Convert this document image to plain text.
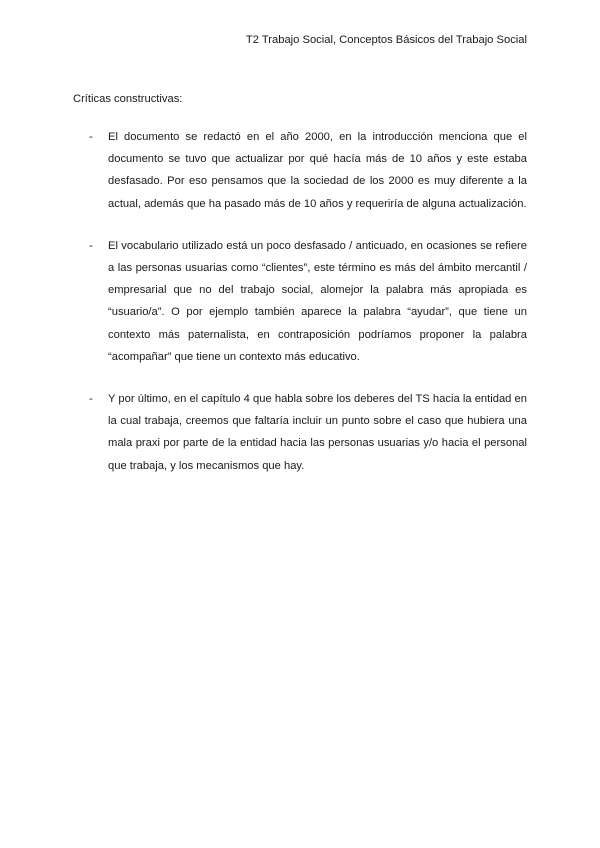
T2 Trabajo Social, Conceptos Básicos del Trabajo Social
Críticas constructivas:
- El documento se redactó en el año 2000, en la introducción menciona que el documento se tuvo que actualizar por qué hacía más de 10 años y este estaba desfasado. Por eso pensamos que la sociedad de los 2000 es muy diferente a la actual, además que ha pasado más de 10 años y requeriría de alguna actualización.
- El vocabulario utilizado está un poco desfasado / anticuado, en ocasiones se refiere a las personas usuarias como “clientes”, este término es más del ámbito mercantil / empresarial que no del trabajo social, alomejor la palabra más apropiada es “usuario/a”. O por ejemplo también aparece la palabra “ayudar”, que tiene un contexto más paternalista, en contraposición podríamos proponer la palabra “acompañar” que tiene un contexto más educativo.
- Y por último, en el capítulo 4 que habla sobre los deberes del TS hacia la entidad en la cual trabaja, creemos que faltaría incluir un punto sobre el caso que hubiera una mala praxi por parte de la entidad hacia las personas usuarias y/o hacia el personal que trabaja, y los mecanismos que hay.
